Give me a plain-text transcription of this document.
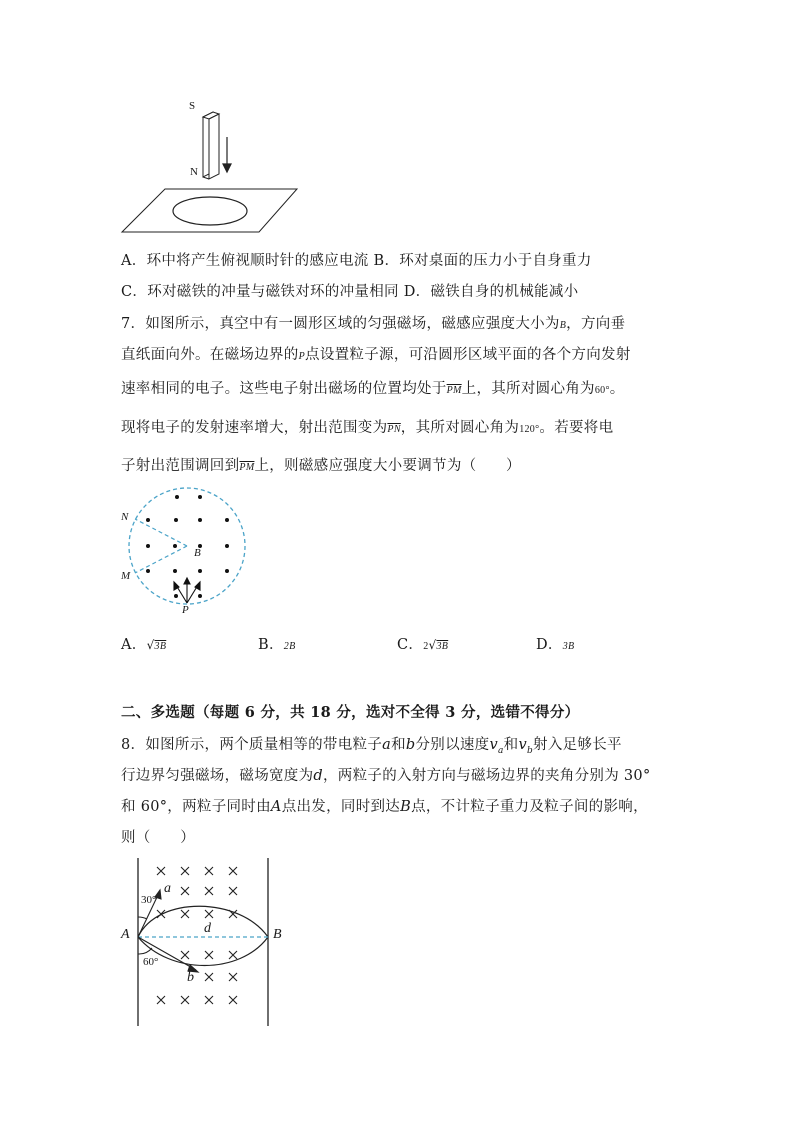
S
N
A．环中将产生俯视顺时针的感应电流 B．环对桌面的压力小于自身重力
C．环对磁铁的冲量与磁铁对环的冲量相同 D．磁铁自身的机械能减小
7．如图所示，真空中有一圆形区域的匀强磁场，磁感应强度大小为B，方向垂
直纸面向外。在磁场边界的P点设置粒子源，可沿圆形区域平面的各个方向发射
速率相同的电子。这些电子射出磁场的位置均处于$\overline{PM}$上，其所对圆心角为60°。
现将电子的发射速率增大，射出范围变为$\overline{PN}$，其所对圆心角为120°。若要将电
子射出范围调回到$\overline{PM}$上，则磁感应强度大小要调节为（　　）
N
M
B
P
A．√3B	B．2B	C．2√3B	D．3B
二、多选题（每题 6 分，共 18 分，选对不全得 3 分，选错不得分）
8．如图所示，两个质量相等的带电粒子a和b分别以速度$v_a$和$v_b$射入足够长平
行边界匀强磁场，磁场宽度为d，两粒子的入射方向与磁场边界的夹角分别为 30°
和 60°，两粒子同时由A点出发，同时到达B点，不计粒子重力及粒子间的影响，
则（　　）
a
b
A	B
d
30°
60°
